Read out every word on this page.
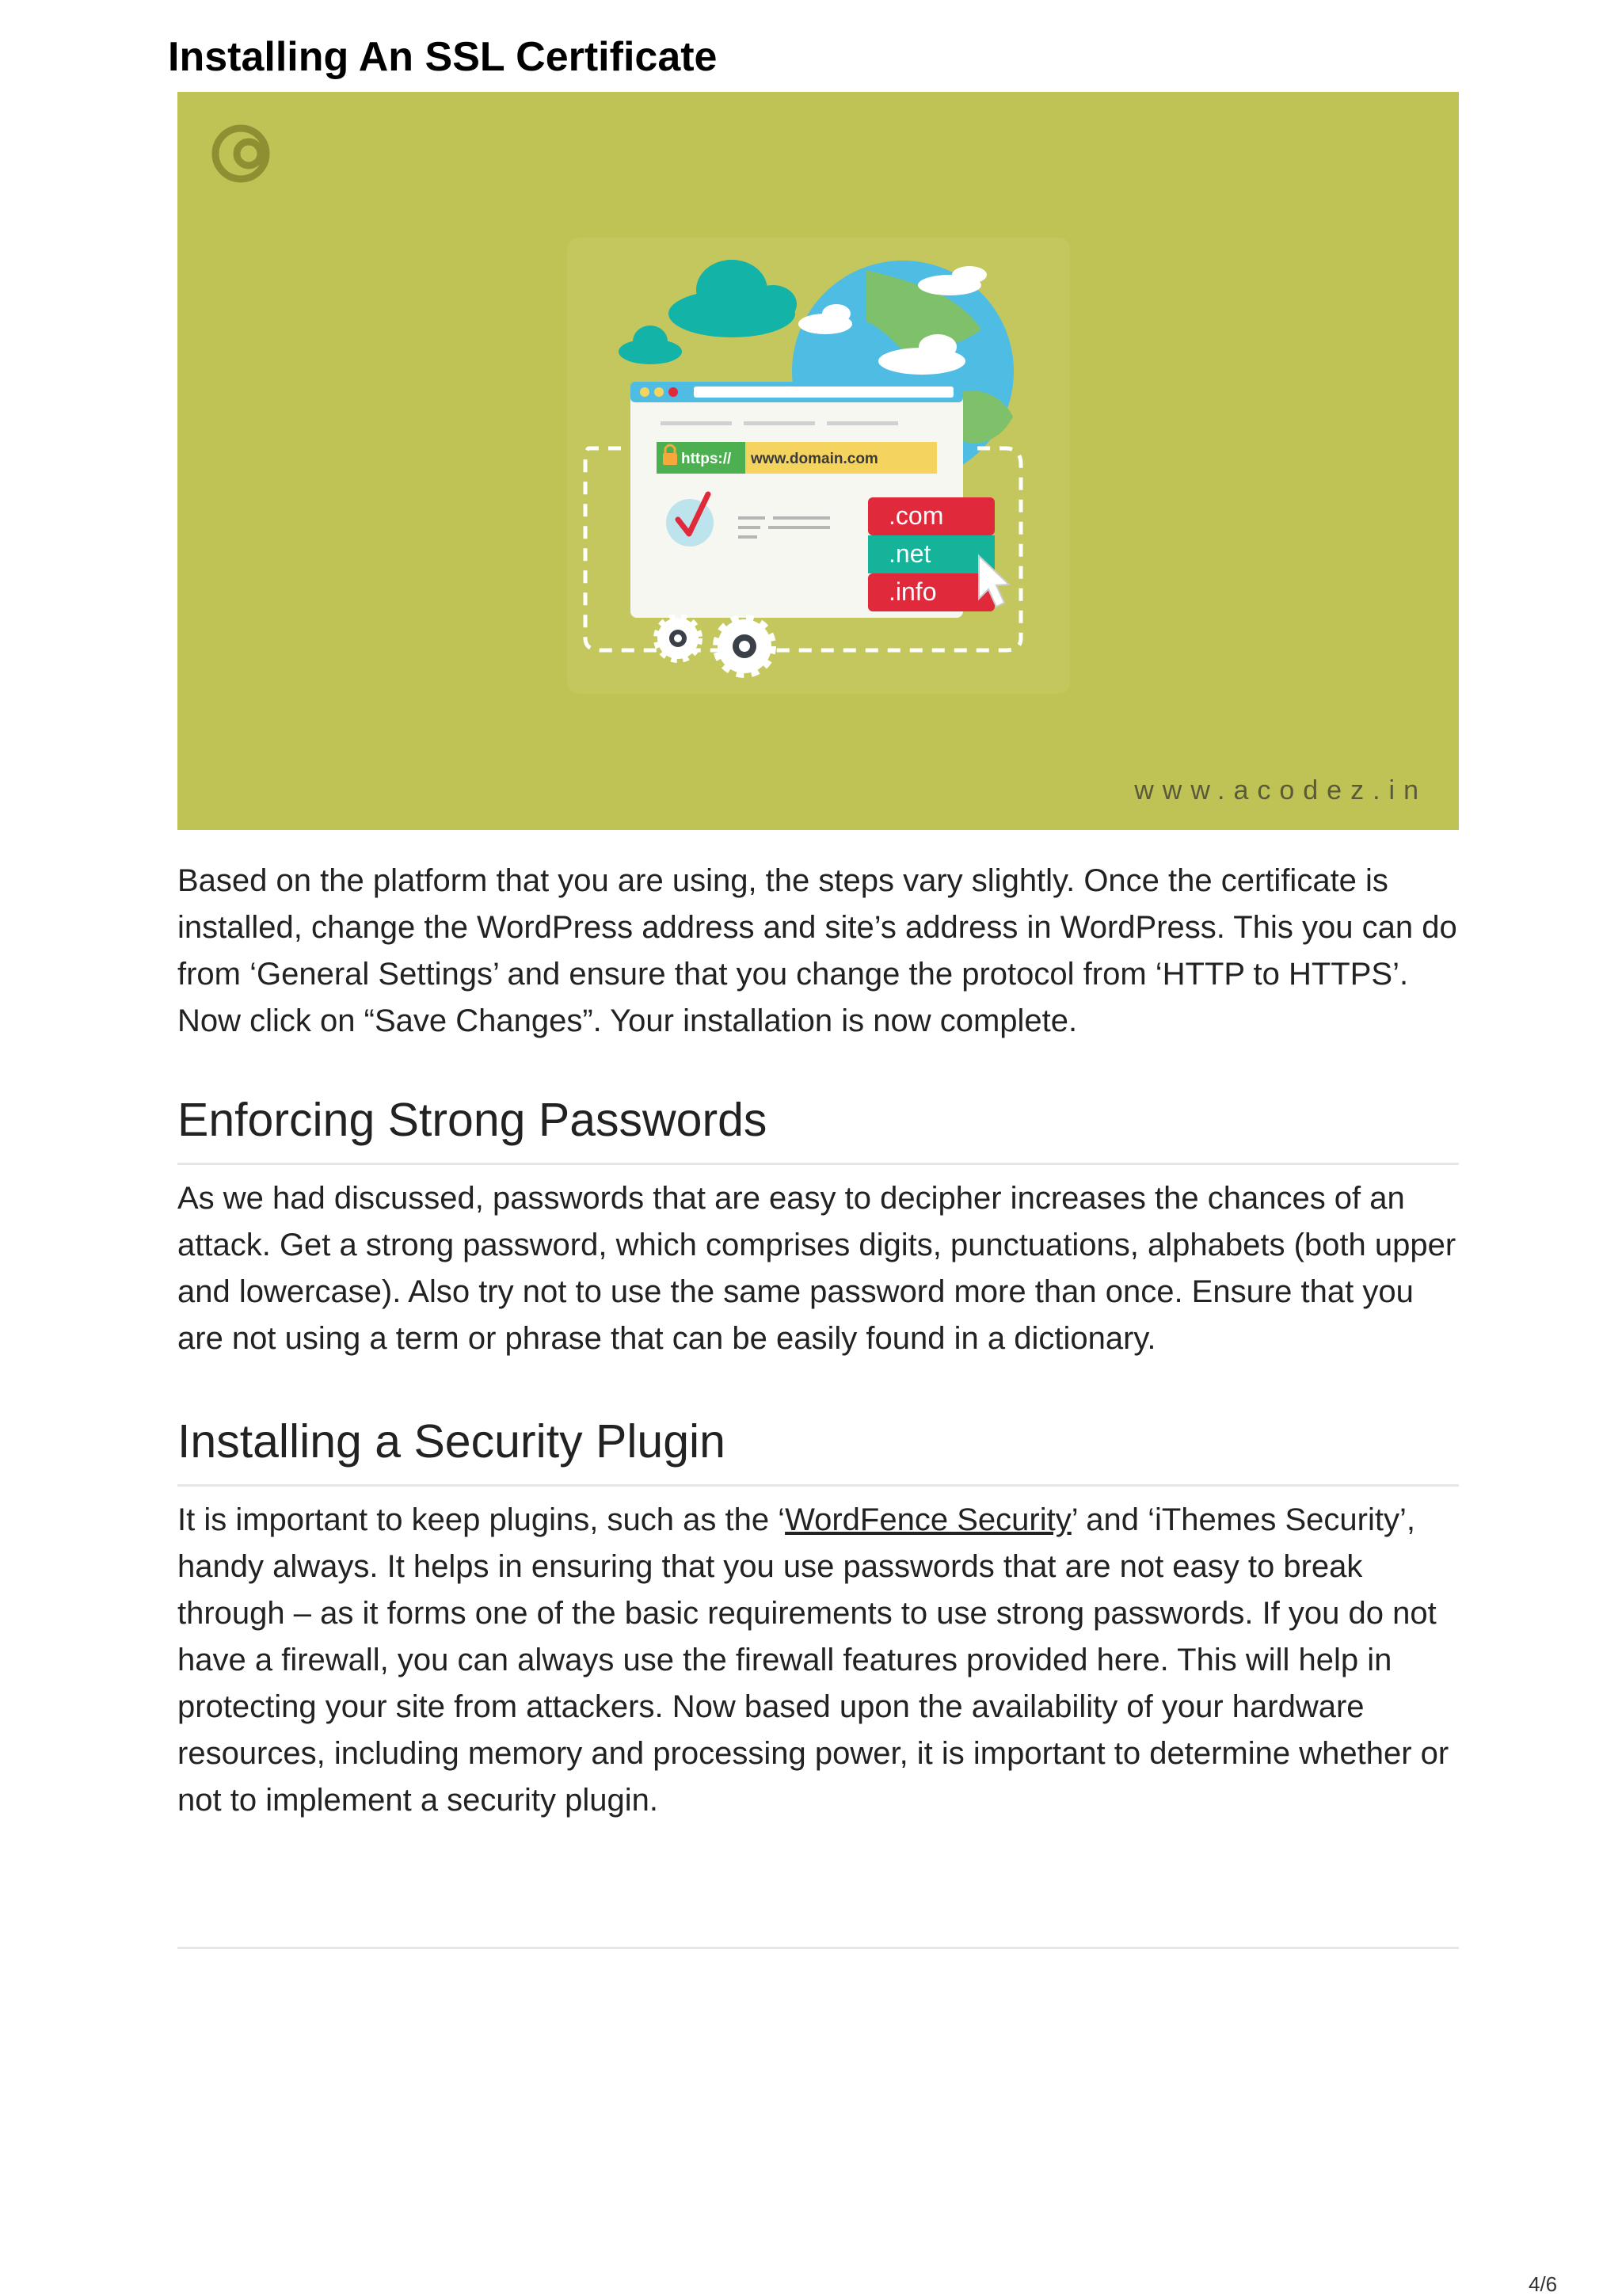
Installing An SSL Certificate
https:// www.domain.com
.com
.net
.info
www.acodez.in

Based on the platform that you are using, the steps vary slightly. Once the certificate is installed, change the WordPress address and site’s address in WordPress. This you can do from ‘General Settings’ and ensure that you change the protocol from ‘HTTP to HTTPS’. Now click on “Save Changes”. Your installation is now complete.

Enforcing Strong Passwords

As we had discussed, passwords that are easy to decipher increases the chances of an attack. Get a strong password, which comprises digits, punctuations, alphabets (both upper and lowercase). Also try not to use the same password more than once. Ensure that you are not using a term or phrase that can be easily found in a dictionary.

Installing a Security Plugin

It is important to keep plugins, such as the ‘WordFence Security’ and ‘iThemes Security’, handy always. It helps in ensuring that you use passwords that are not easy to break through – as it forms one of the basic requirements to use strong passwords. If you do not have a firewall, you can always use the firewall features provided here. This will help in protecting your site from attackers. Now based upon the availability of your hardware resources, including memory and processing power, it is important to determine whether or not to implement a security plugin.

4/6
